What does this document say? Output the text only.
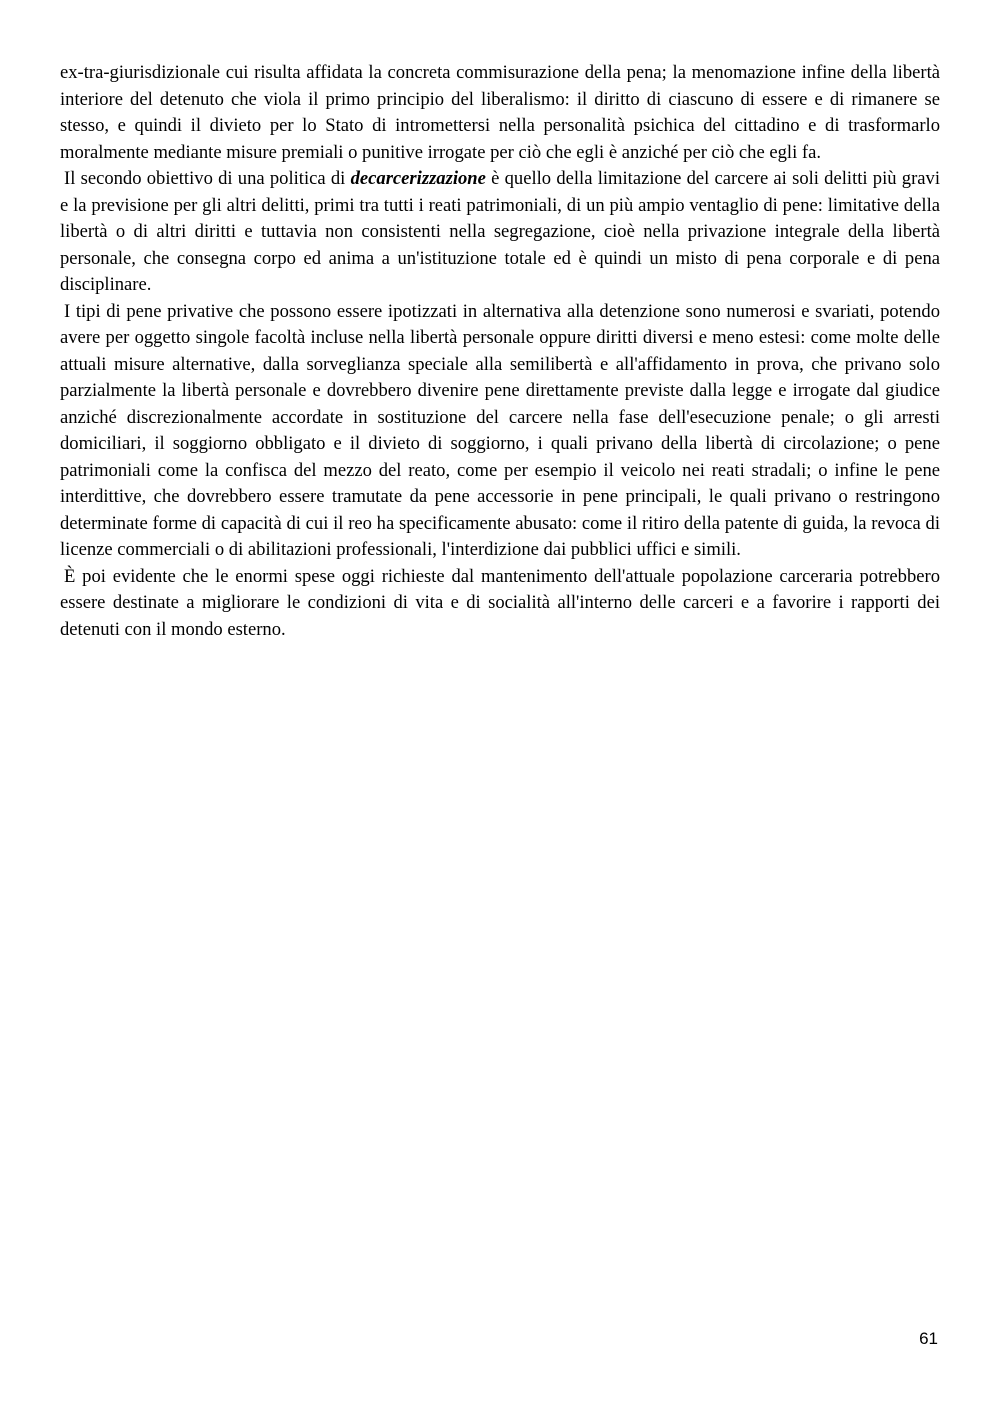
ex-tra-giurisdizionale cui risulta affidata la concreta commisurazione della pena; la menomazione infine della libertà interiore del detenuto che viola il primo principio del liberalismo: il diritto di ciascuno di essere e di rimanere se stesso, e quindi il divieto per lo Stato di intromettersi nella personalità psichica del cittadino e di trasformarlo moralmente mediante misure premiali o punitive irrogate per ciò che egli è anziché per ciò che egli fa.

Il secondo obiettivo di una politica di decarcerizzazione è quello della limitazione del carcere ai soli delitti più gravi e la previsione per gli altri delitti, primi tra tutti i reati patrimoniali, di un più ampio ventaglio di pene: limitative della libertà o di altri diritti e tuttavia non consistenti nella segregazione, cioè nella privazione integrale della libertà personale, che consegna corpo ed anima a un'istituzione totale ed è quindi un misto di pena corporale e di pena disciplinare.

I tipi di pene privative che possono essere ipotizzati in alternativa alla detenzione sono numerosi e svariati, potendo avere per oggetto singole facoltà incluse nella libertà personale oppure diritti diversi e meno estesi: come molte delle attuali misure alternative, dalla sorveglianza speciale alla semilibertà e all'affidamento in prova, che privano solo parzialmente la libertà personale e dovrebbero divenire pene direttamente previste dalla legge e irrogate dal giudice anziché discrezionalmente accordate in sostituzione del carcere nella fase dell'esecuzione penale; o gli arresti domiciliari, il soggiorno obbligato e il divieto di soggiorno, i quali privano della libertà di circolazione; o pene patrimoniali come la confisca del mezzo del reato, come per esempio il veicolo nei reati stradali; o infine le pene interdittive, che dovrebbero essere tramutate da pene accessorie in pene principali, le quali privano o restringono determinate forme di capacità di cui il reo ha specificamente abusato: come il ritiro della patente di guida, la revoca di licenze commerciali o di abilitazioni professionali, l'interdizione dai pubblici uffici e simili.

È poi evidente che le enormi spese oggi richieste dal mantenimento dell'attuale popolazione carceraria potrebbero essere destinate a migliorare le condizioni di vita e di socialità all'interno delle carceri e a favorire i rapporti dei detenuti con il mondo esterno.

61
